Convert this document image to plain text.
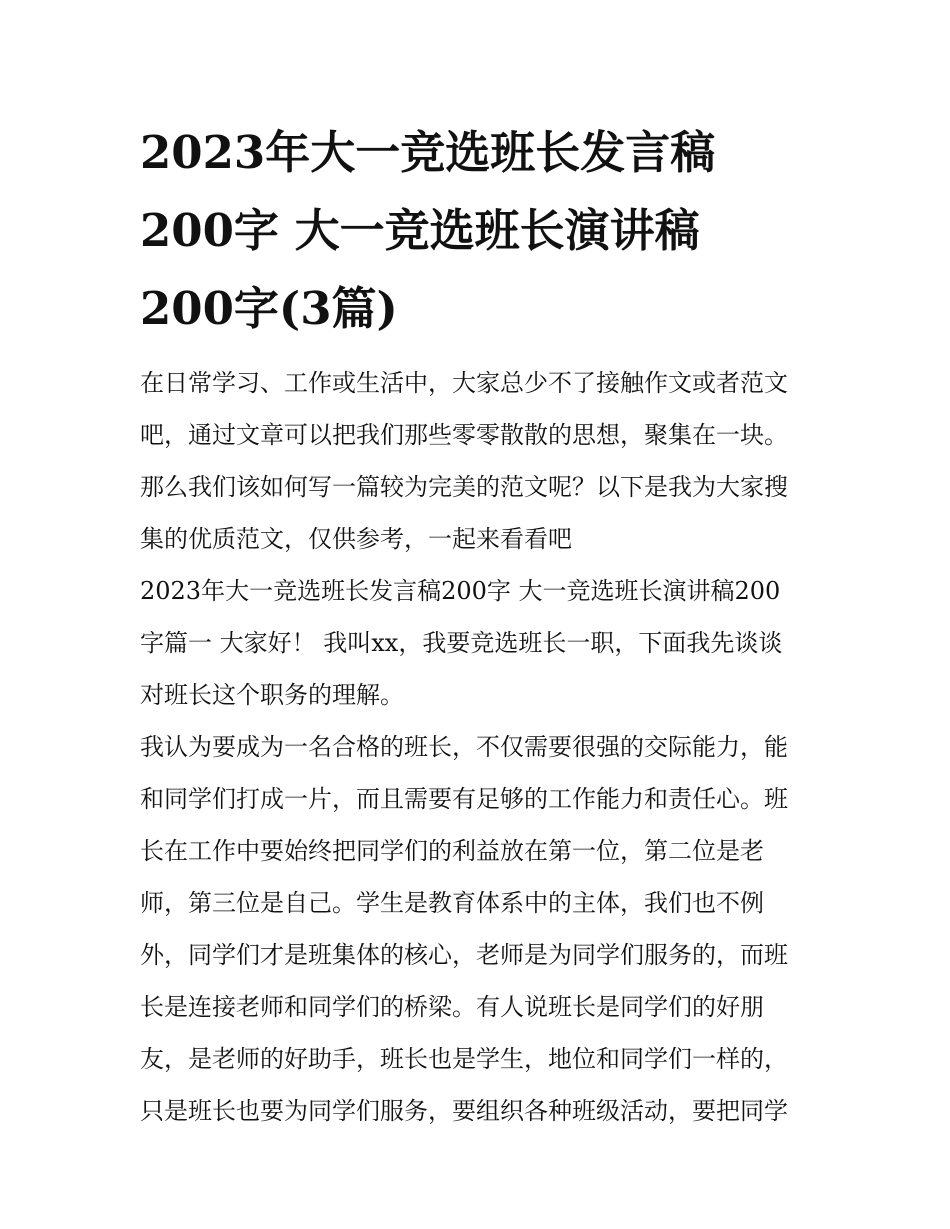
2023年大一竞选班长发言稿
200字 大一竞选班长演讲稿
200字(3篇)
在日常学习、工作或生活中，大家总少不了接触作文或者范文
吧，通过文章可以把我们那些零零散散的思想，聚集在一块。
那么我们该如何写一篇较为完美的范文呢？以下是我为大家搜
集的优质范文，仅供参考，一起来看看吧
2023年大一竞选班长发言稿200字 大一竞选班长演讲稿200
字篇一 大家好！ 我叫xx，我要竞选班长一职，下面我先谈谈
对班长这个职务的理解。
我认为要成为一名合格的班长，不仅需要很强的交际能力，能
和同学们打成一片，而且需要有足够的工作能力和责任心。班
长在工作中要始终把同学们的利益放在第一位，第二位是老
师，第三位是自己。学生是教育体系中的主体，我们也不例
外，同学们才是班集体的核心，老师是为同学们服务的，而班
长是连接老师和同学们的桥梁。有人说班长是同学们的好朋
友，是老师的好助手，班长也是学生，地位和同学们一样的，
只是班长也要为同学们服务，要组织各种班级活动，要把同学
